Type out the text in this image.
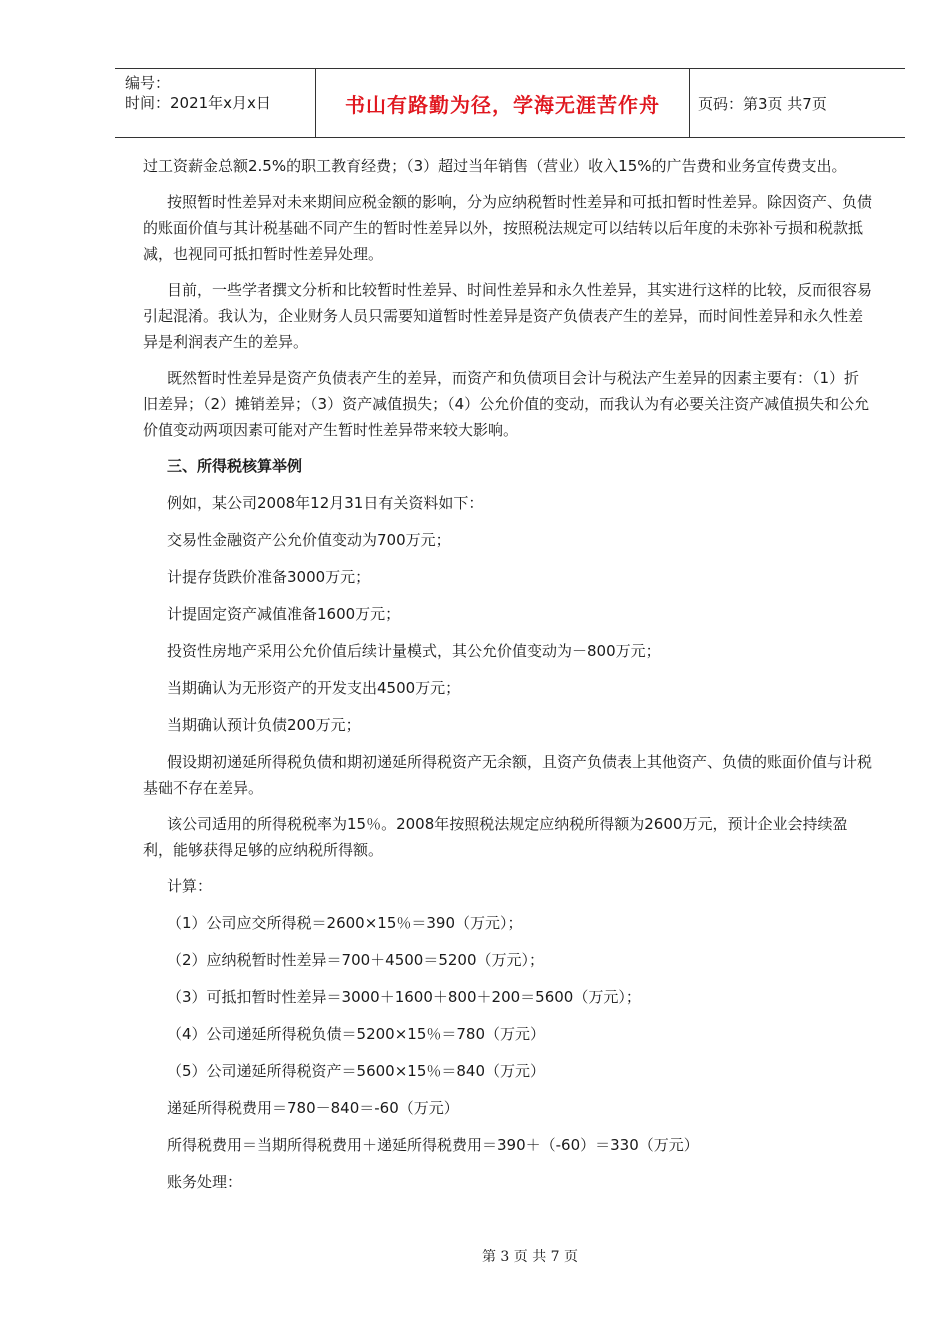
编号：
时间：2021年x月x日	书山有路勤为径，学海无涯苦作舟	页码：第3页 共7页

过工资薪金总额2.5%的职工教育经费；（3）超过当年销售（营业）收入15%的广告费和业务宣传费支出。

按照暂时性差异对未来期间应税金额的影响，分为应纳税暂时性差异和可抵扣暂时性差异。除因资产、负债的账面价值与其计税基础不同产生的暂时性差异以外，按照税法规定可以结转以后年度的未弥补亏损和税款抵减，也视同可抵扣暂时性差异处理。

目前，一些学者撰文分析和比较暂时性差异、时间性差异和永久性差异，其实进行这样的比较，反而很容易引起混淆。我认为，企业财务人员只需要知道暂时性差异是资产负债表产生的差异，而时间性差异和永久性差异是利润表产生的差异。

既然暂时性差异是资产负债表产生的差异，而资产和负债项目会计与税法产生差异的因素主要有：（1）折旧差异；（2）摊销差异；（3）资产减值损失；（4）公允价值的变动，而我认为有必要关注资产减值损失和公允价值变动两项因素可能对产生暂时性差异带来较大影响。

三、所得税核算举例
例如，某公司2008年12月31日有关资料如下：
交易性金融资产公允价值变动为700万元；
计提存货跌价准备3000万元；
计提固定资产减值准备1600万元；
投资性房地产采用公允价值后续计量模式，其公允价值变动为－800万元；
当期确认为无形资产的开发支出4500万元；
当期确认预计负债200万元；

假设期初递延所得税负债和期初递延所得税资产无余额，且资产负债表上其他资产、负债的账面价值与计税基础不存在差异。

该公司适用的所得税税率为15％。2008年按照税法规定应纳税所得额为2600万元，预计企业会持续盈利，能够获得足够的应纳税所得额。

计算：
（1）公司应交所得税＝2600×15％＝390（万元）；
（2）应纳税暂时性差异＝700＋4500＝5200（万元）；
（3）可抵扣暂时性差异＝3000＋1600＋800＋200＝5600（万元）；
（4）公司递延所得税负债＝5200×15％＝780（万元）
（5）公司递延所得税资产＝5600×15％＝840（万元）
递延所得税费用＝780－840＝-60（万元）
所得税费用＝当期所得税费用＋递延所得税费用＝390＋（-60）＝330（万元）
账务处理：
第 3 页 共 7 页
